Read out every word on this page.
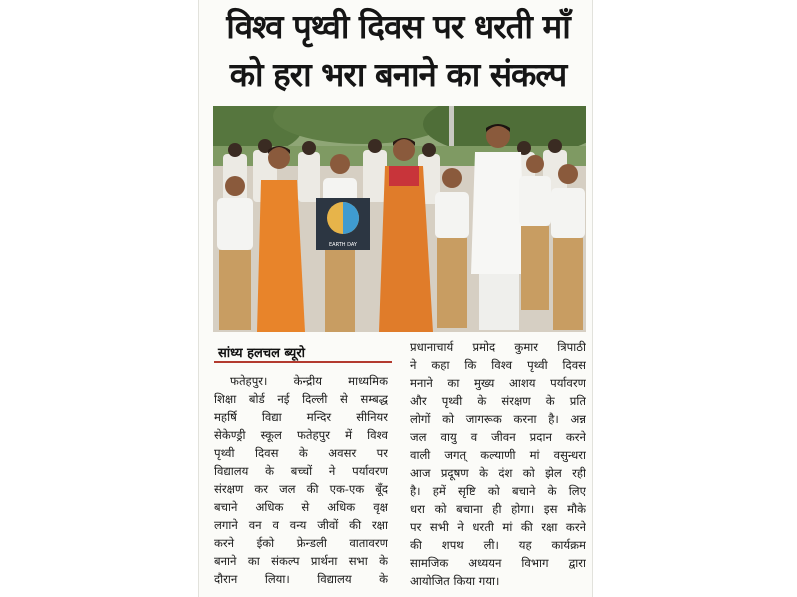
विश्व पृथ्वी दिवस पर धरती माँ
को हरा भरा बनाने का संकल्प
EARTH DAY
सांध्य हलचल ब्यूरो
फतेहपुर। केन्द्रीय माध्यमिक
शिक्षा बोर्ड नई दिल्ली से सम्बद्ध
महर्षि विद्या मन्दिर सीनियर
सेकेण्ड्री स्कूल फतेहपुर में विश्व
पृथ्वी दिवस के अवसर पर
विद्यालय के बच्चों ने पर्यावरण
संरक्षण कर जल की एक-एक बूँद
बचाने अधिक से अधिक वृक्ष
लगाने वन व वन्य जीवों की रक्षा
करने ईको फ्रेन्डली वातावरण
बनाने का संकल्प प्रार्थना सभा के
दौरान लिया। विद्यालय के
प्रधानाचार्य प्रमोद कुमार त्रिपाठी
ने कहा कि विश्व पृथ्वी दिवस
मनाने का मुख्य आशय पर्यावरण
और पृथ्वी के संरक्षण के प्रति
लोगों को जागरूक करना है। अन्न
जल वायु व जीवन प्रदान करने
वाली जगत् कल्याणी मां वसुन्धरा
आज प्रदूषण के दंश को झेल रही
है। हमें सृष्टि को बचाने के लिए
धरा को बचाना ही होगा। इस मौके
पर सभी ने धरती मां की रक्षा करने
की शपथ ली। यह कार्यक्रम
सामजिक अध्ययन विभाग द्वारा
आयोजित किया गया।
